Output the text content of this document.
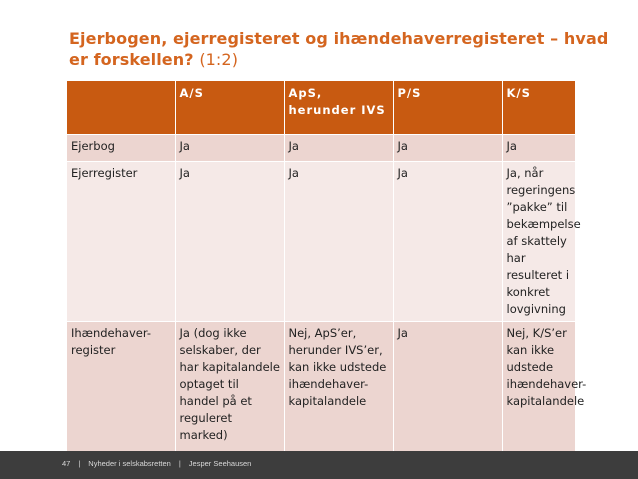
Ejerbogen, ejerregisteret og ihændehaverregisteret – hvad er forskellen? (1:2)
	A/S	ApS, herunder IVS	P/S	K/S
Ejerbog	Ja	Ja	Ja	Ja
Ejerregister	Ja	Ja	Ja	Ja, når regeringens ”pakke” til bekæmpelse af skattely har resulteret i konkret lovgivning
Ihændehaver-register	Ja (dog ikke selskaber, der har kapitalandele optaget til handel på et reguleret marked)	Nej, ApS’er, herunder IVS’er, kan ikke udstede ihændehaver-kapitalandele	Ja	Nej, K/S’er kan ikke udstede ihændehaver-kapitalandele
47 | Nyheder i selskabsretten | Jesper Seehausen
